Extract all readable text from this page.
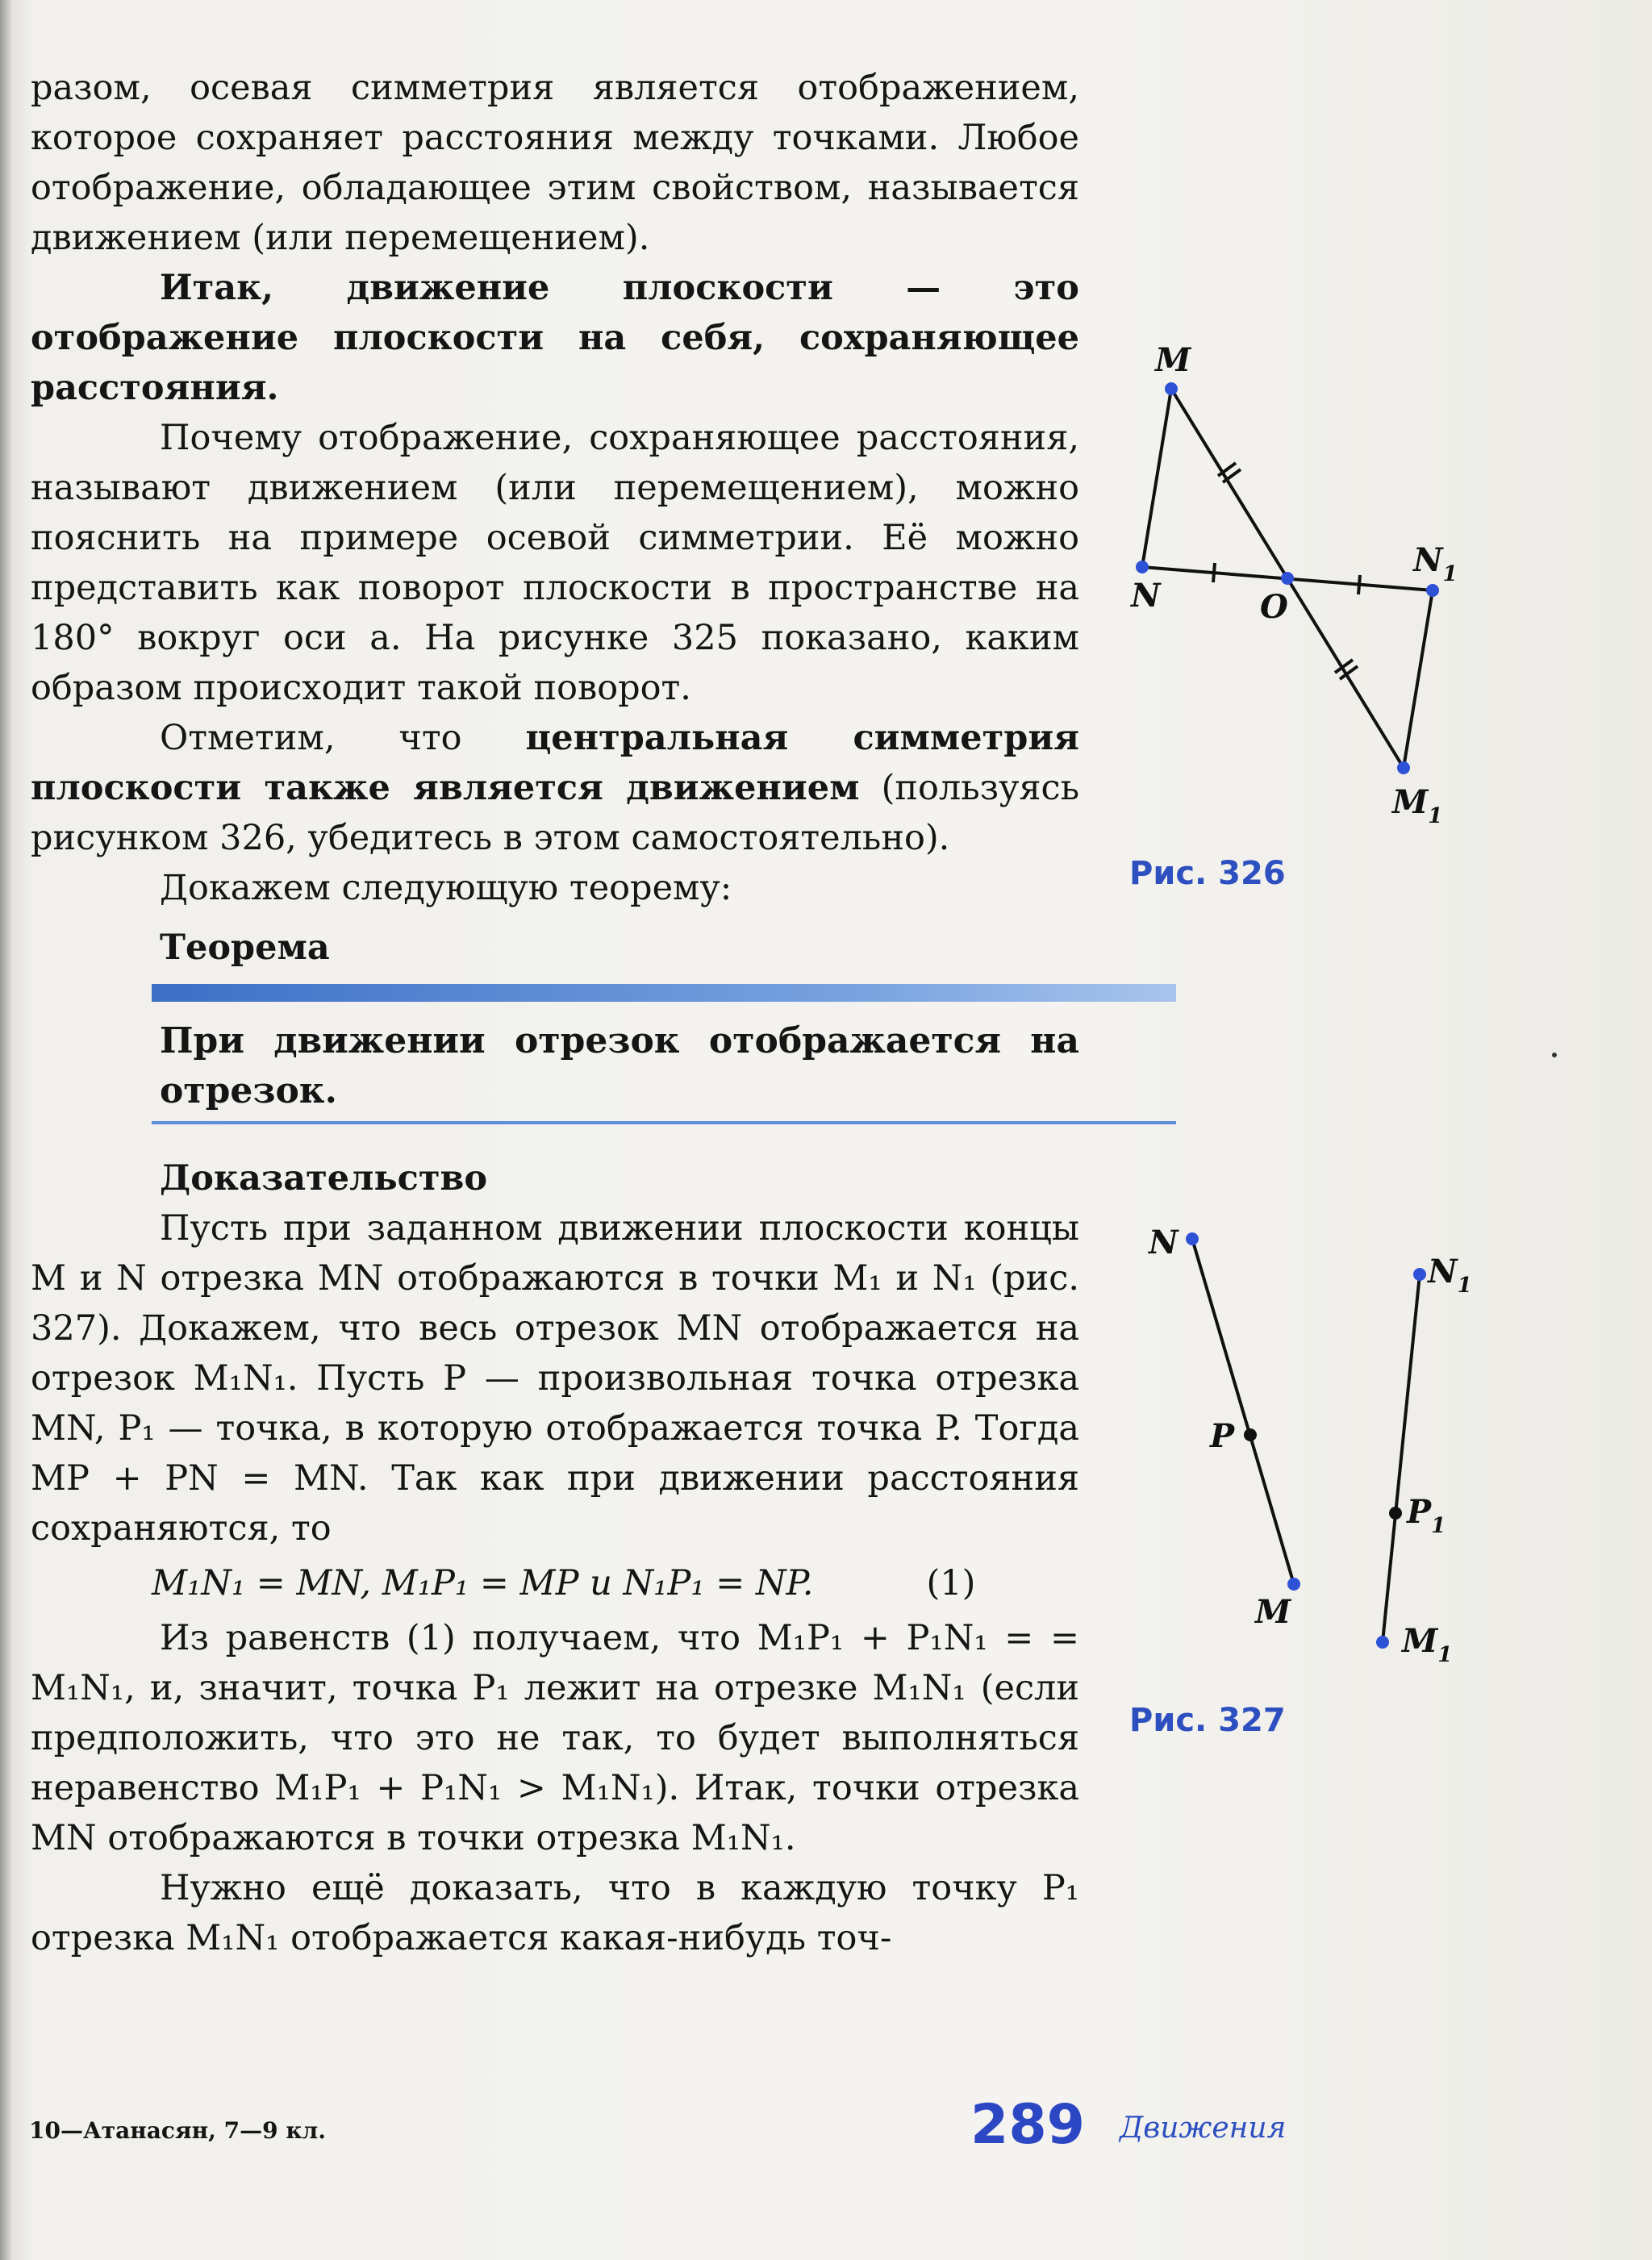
разом, осевая симметрия является отображением, которое сохраняет расстояния между точками. Любое отображение, обладающее этим свойством, называется движением (или перемещением).

Итак, движение плоскости — это отображение плоскости на себя, сохраняющее расстояния.

Почему отображение, сохраняющее расстояния, называют движением (или перемещением), можно пояснить на примере осевой симметрии. Её можно представить как поворот плоскости в пространстве на 180° вокруг оси a. На рисунке 325 показано, каким образом происходит такой поворот.

Отметим, что центральная симметрия плоскости также является движением (пользуясь рисунком 326, убедитесь в этом самостоятельно).

Докажем следующую теорему:

Теорема

При движении отрезок отображается на отрезок.

Доказательство

Пусть при заданном движении плоскости концы M и N отрезка MN отображаются в точки M₁ и N₁ (рис. 327). Докажем, что весь отрезок MN отображается на отрезок M₁N₁. Пусть P — произвольная точка отрезка MN, P₁ — точка, в которую отображается точка P. Тогда MP + PN = MN. Так как при движении расстояния сохраняются, то

M₁N₁ = MN, M₁P₁ = MP и N₁P₁ = NP.	(1)

Из равенств (1) получаем, что M₁P₁ + P₁N₁ = = M₁N₁, и, значит, точка P₁ лежит на отрезке M₁N₁ (если предположить, что это не так, то будет выполняться неравенство M₁P₁ + P₁N₁ > M₁N₁). Итак, точки отрезка MN отображаются в точки отрезка M₁N₁.

Нужно ещё доказать, что в каждую точку P₁ отрезка M₁N₁ отображается какая-нибудь точ-

M
N	O
$N_1$
$M_1$
Рис. 326
N
M
P
$N_1$
$P_1$
$M_1$
Рис. 327
10—Атанасян, 7—9 кл.	289 Движения
